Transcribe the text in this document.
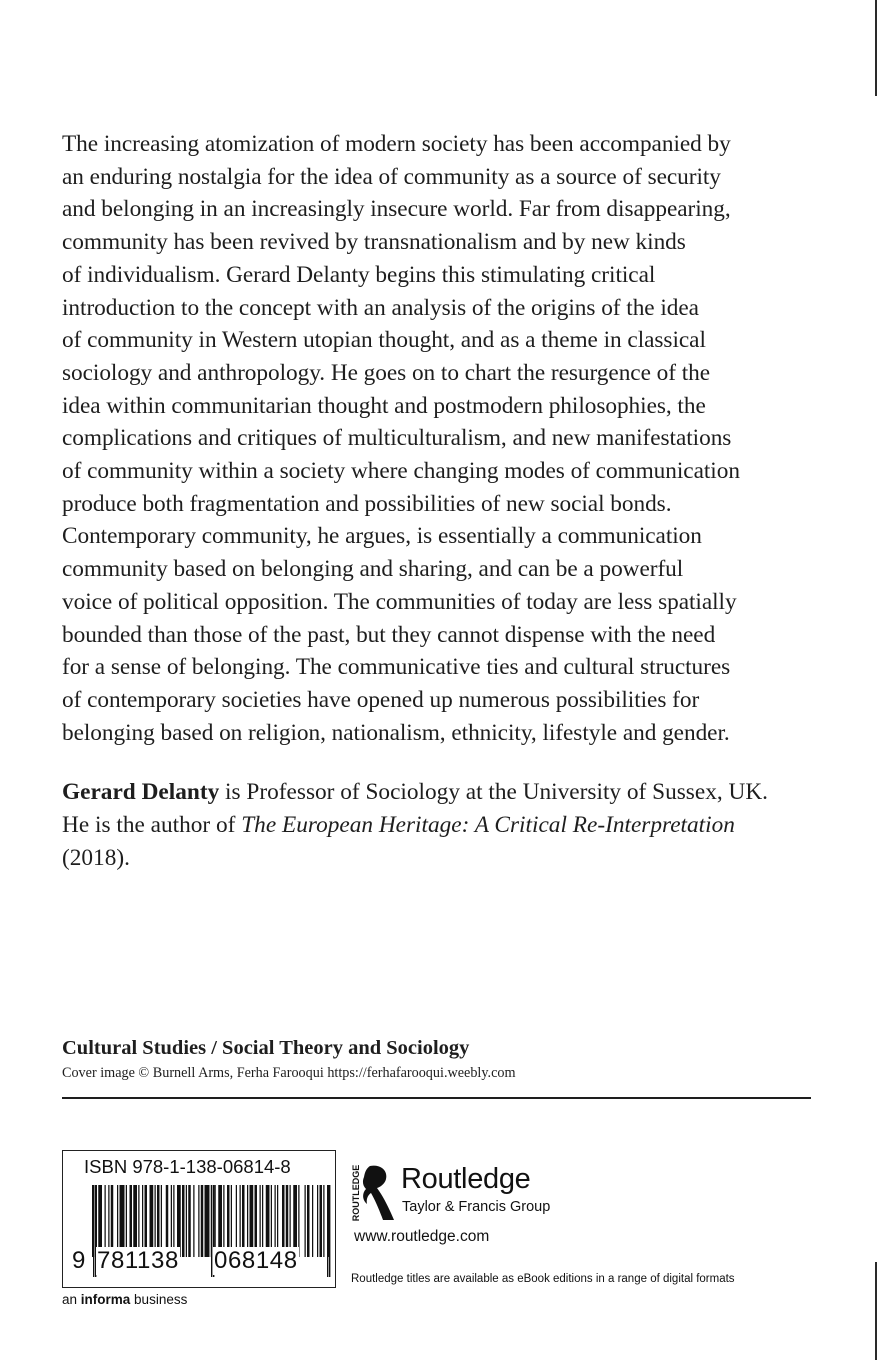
The increasing atomization of modern society has been accompanied by
an enduring nostalgia for the idea of community as a source of security
and belonging in an increasingly insecure world. Far from disappearing,
community has been revived by transnationalism and by new kinds
of individualism. Gerard Delanty begins this stimulating critical
introduction to the concept with an analysis of the origins of the idea
of community in Western utopian thought, and as a theme in classical
sociology and anthropology. He goes on to chart the resurgence of the
idea within communitarian thought and postmodern philosophies, the
complications and critiques of multiculturalism, and new manifestations
of community within a society where changing modes of communication
produce both fragmentation and possibilities of new social bonds.
Contemporary community, he argues, is essentially a communication
community based on belonging and sharing, and can be a powerful
voice of political opposition. The communities of today are less spatially
bounded than those of the past, but they cannot dispense with the need
for a sense of belonging. The communicative ties and cultural structures
of contemporary societies have opened up numerous possibilities for
belonging based on religion, nationalism, ethnicity, lifestyle and gender.
Gerard Delanty is Professor of Sociology at the University of Sussex, UK.
He is the author of The European Heritage: A Critical Re-Interpretation
(2018).
Cultural Studies / Social Theory and Sociology
Cover image © Burnell Arms, Ferha Farooqui https://ferhafarooqui.weebly.com
ISBN 978-1-138-06814-8
9 781138 068148
an informa business
ROUTLEDGE Routledge
Taylor & Francis Group
www.routledge.com
Routledge titles are available as eBook editions in a range of digital formats
